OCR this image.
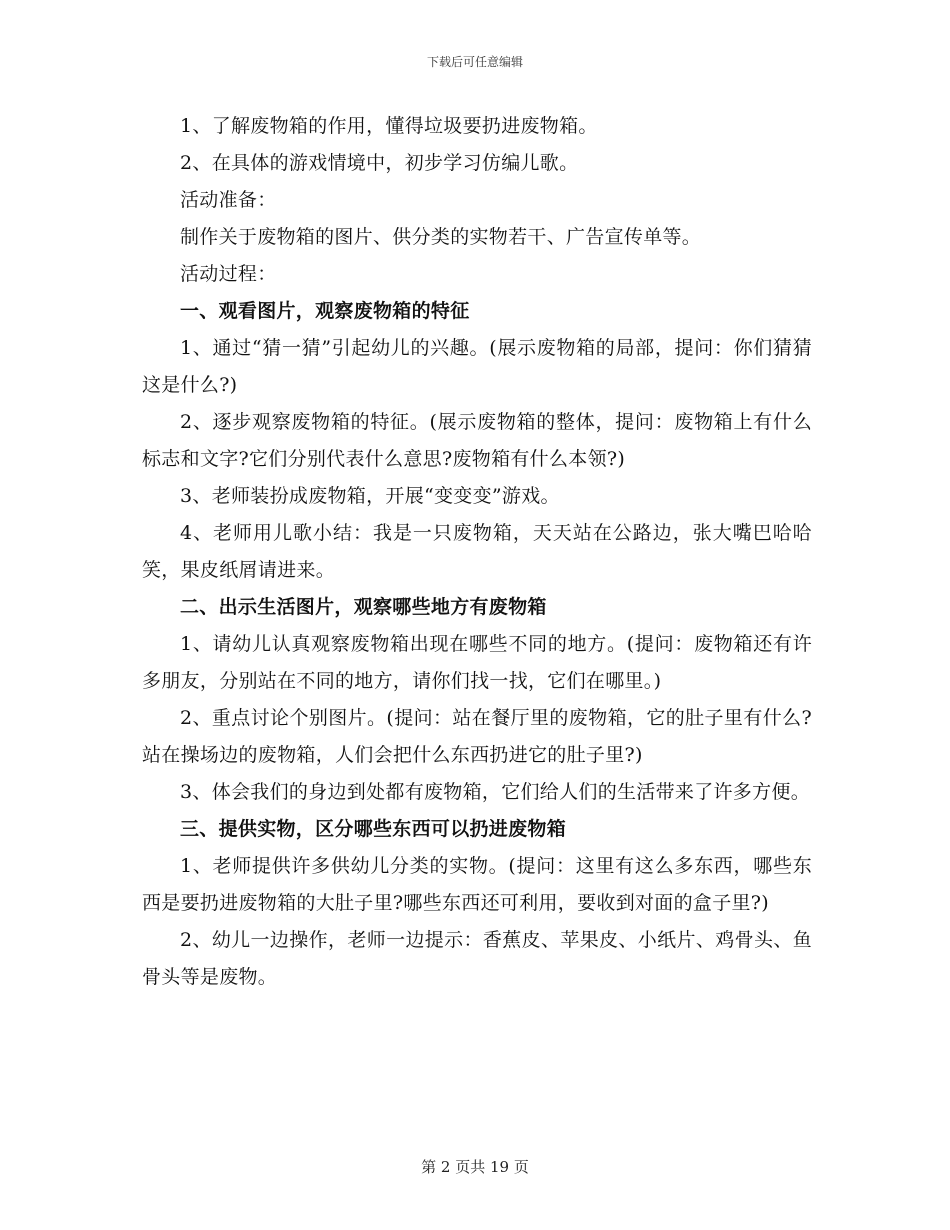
下载后可任意编辑

1、了解废物箱的作用，懂得垃圾要扔进废物箱。

2、在具体的游戏情境中，初步学习仿编儿歌。

活动准备：

制作关于废物箱的图片、供分类的实物若干、广告宣传单等。

活动过程：

一、观看图片，观察废物箱的特征

1、通过“猜一猜”引起幼儿的兴趣。(展示废物箱的局部，提问：你们猜猜这是什么?)

2、逐步观察废物箱的特征。(展示废物箱的整体，提问：废物箱上有什么标志和文字?它们分别代表什么意思?废物箱有什么本领?)

3、老师装扮成废物箱，开展“变变变”游戏。

4、老师用儿歌小结：我是一只废物箱，天天站在公路边，张大嘴巴哈哈笑，果皮纸屑请进来。

二、出示生活图片，观察哪些地方有废物箱

1、请幼儿认真观察废物箱出现在哪些不同的地方。(提问：废物箱还有许多朋友，分别站在不同的地方，请你们找一找，它们在哪里。)

2、重点讨论个别图片。(提问：站在餐厅里的废物箱，它的肚子里有什么?站在操场边的废物箱，人们会把什么东西扔进它的肚子里?)

3、体会我们的身边到处都有废物箱，它们给人们的生活带来了许多方便。

三、提供实物，区分哪些东西可以扔进废物箱

1、老师提供许多供幼儿分类的实物。(提问：这里有这么多东西，哪些东西是要扔进废物箱的大肚子里?哪些东西还可利用，要收到对面的盒子里?)

2、幼儿一边操作，老师一边提示：香蕉皮、苹果皮、小纸片、鸡骨头、鱼骨头等是废物。

第 2 页共 19 页
